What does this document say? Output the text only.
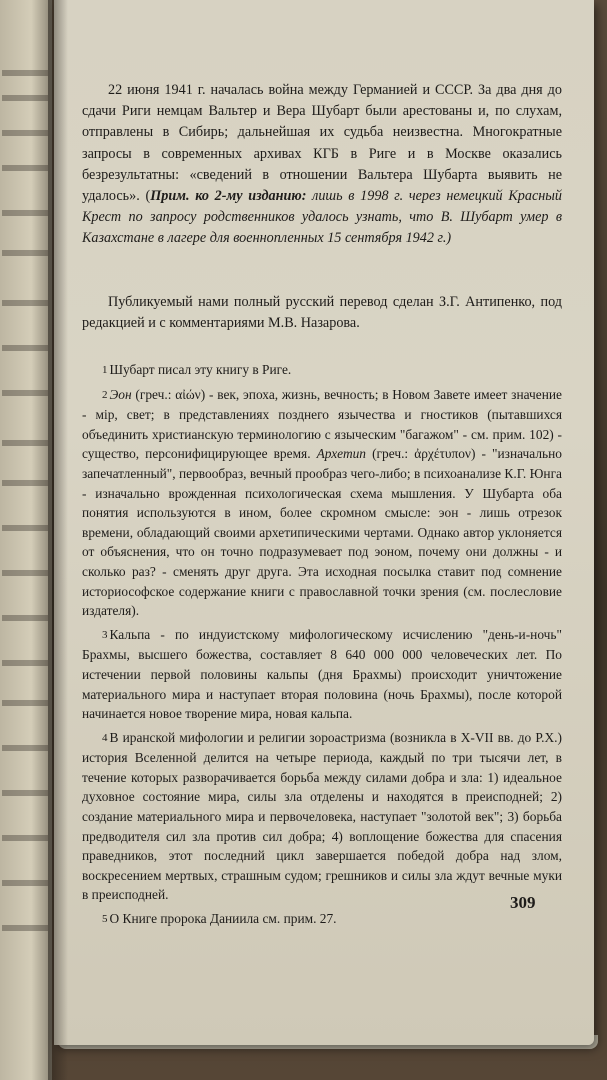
22 июня 1941 г. началась война между Германией и СССР. За два дня до сдачи Риги немцам Вальтер и Вера Шубарт были арестованы и, по слухам, отправлены в Сибирь; дальнейшая их судьба неизвестна. Многократные запросы в современных архивах КГБ в Риге и в Москве оказались безрезультатны: «сведений в отношении Вальтера Шубарта выявить не удалось». (Прим. ко 2-му изданию: лишь в 1998 г. через немецкий Красный Крест по запросу родственников удалось узнать, что В. Шубарт умер в Казахстане в лагере для военнопленных 15 сентября 1942 г.)

Публикуемый нами полный русский перевод сделан З.Г. Антипенко, под редакцией и с комментариями М.В. Назарова.

1 Шубарт писал эту книгу в Риге.

2 Эон (греч.: αἰών) - век, эпоха, жизнь, вечность; в Новом Завете имеет значение - мiр, свет; в представлениях позднего язычества и гностиков (пытавшихся объединить христианскую терминологию с языческим "багажом" - см. прим. 102) - существо, персонифицирующее время. Архетип (греч.: ἀρχέτυπον) - "изначально запечатленный", первообраз, вечный прообраз чего-либо; в психоанализе К.Г. Юнга - изначально врожденная психологическая схема мышления. У Шубарта оба понятия используются в ином, более скромном смысле: эон - лишь отрезок времени, обладающий своими архетипическими чертами. Однако автор уклоняется от объяснения, что он точно подразумевает под эоном, почему они должны - и сколько раз? - сменять друг друга. Эта исходная посылка ставит под сомнение историософское содержание книги с православной точки зрения (см. послесловие издателя).

3 Кальпа - по индуистскому мифологическому исчислению "день-и-ночь" Брахмы, высшего божества, составляет 8 640 000 000 человеческих лет. По истечении первой половины кальпы (дня Брахмы) происходит уничтожение материального мира и наступает вторая половина (ночь Брахмы), после которой начинается новое творение мира, новая кальпа.

4 В иранской мифологии и религии зороастризма (возникла в X-VII вв. до Р.Х.) история Вселенной делится на четыре периода, каждый по три тысячи лет, в течение которых разворачивается борьба между силами добра и зла: 1) идеальное духовное состояние мира, силы зла отделены и находятся в преисподней; 2) создание материального мира и первочеловека, наступает "золотой век"; 3) борьба предводителя сил зла против сил добра; 4) воплощение божества для спасения праведников, этот последний цикл завершается победой добра над злом, воскресением мертвых, страшным судом; грешников и силы зла ждут вечные муки в преисподней.

5 О Книге пророка Даниила см. прим. 27.

309
